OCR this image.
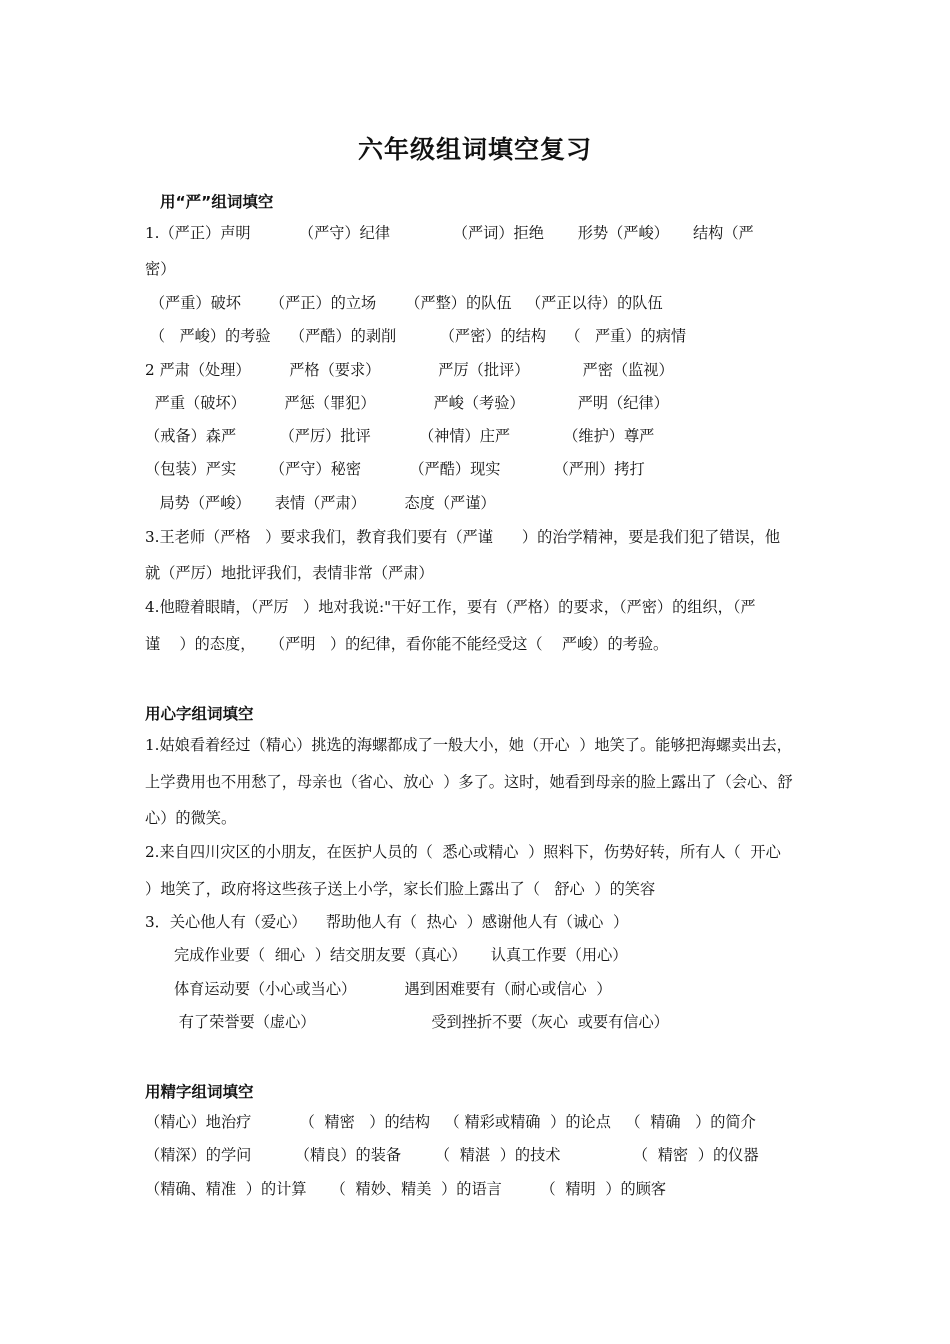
六年级组词填空复习
用“严”组词填空
1.（严正）声明          （严守）纪律             （严词）拒绝       形势（严峻）     结构（严
密）
（严重）破坏      （严正）的立场      （严整）的队伍   （严正以待）的队伍
（   严峻）的考验    （严酷）的剥削         （严密）的结构    （   严重）的病情
2 严肃（处理）        严格（要求）            严厉（批评）           严密（监视）
严重（破坏）        严惩（罪犯）            严峻（考验）           严明（纪律）
（戒备）森严         （严厉）批评          （神情）庄严           （维护）尊严
（包装）严实       （严守）秘密          （严酷）现实           （严刑）拷打
局势（严峻）     表情（严肃）        态度（严谨）
3.王老师（严格   ）要求我们，教育我们要有（严谨      ）的治学精神，要是我们犯了错误，他
就（严厉）地批评我们，表情非常（严肃）
4.他瞪着眼睛，（严厉   ）地对我说:"干好工作，要有（严格）的要求，（严密）的组织，（严
谨    ）的态度，   （严明   ）的纪律，看你能不能经受这（    严峻）的考验。
用心字组词填空
1.姑娘看着经过（精心）挑选的海螺都成了一般大小，她（开心  ）地笑了。能够把海螺卖出去，
上学费用也不用愁了，母亲也（省心、放心  ）多了。这时，她看到母亲的脸上露出了（会心、舒
心）的微笑。
2.来自四川灾区的小朋友，在医护人员的（  悉心或精心  ）照料下，伤势好转，所有人（  开心
）地笑了，政府将这些孩子送上小学，家长们脸上露出了（   舒心  ）的笑容
3．关心他人有（爱心）    帮助他人有（  热心  ）感谢他人有（诚心  ）
完成作业要（  细心  ）结交朋友要（真心）     认真工作要（用心）
体育运动要（小心或当心）          遇到困难要有（耐心或信心  ）
有了荣誉要（虚心）                        受到挫折不要（灰心  或要有信心）
用精字组词填空
（精心）地治疗          （  精密   ）的结构   （ 精彩或精确  ）的论点   （  精确   ）的简介
（精深）的学问         （精良）的装备       （  精湛  ）的技术               （  精密  ）的仪器
（精确、精准  ）的计算     （  精妙、精美  ）的语言        （  精明  ）的顾客
